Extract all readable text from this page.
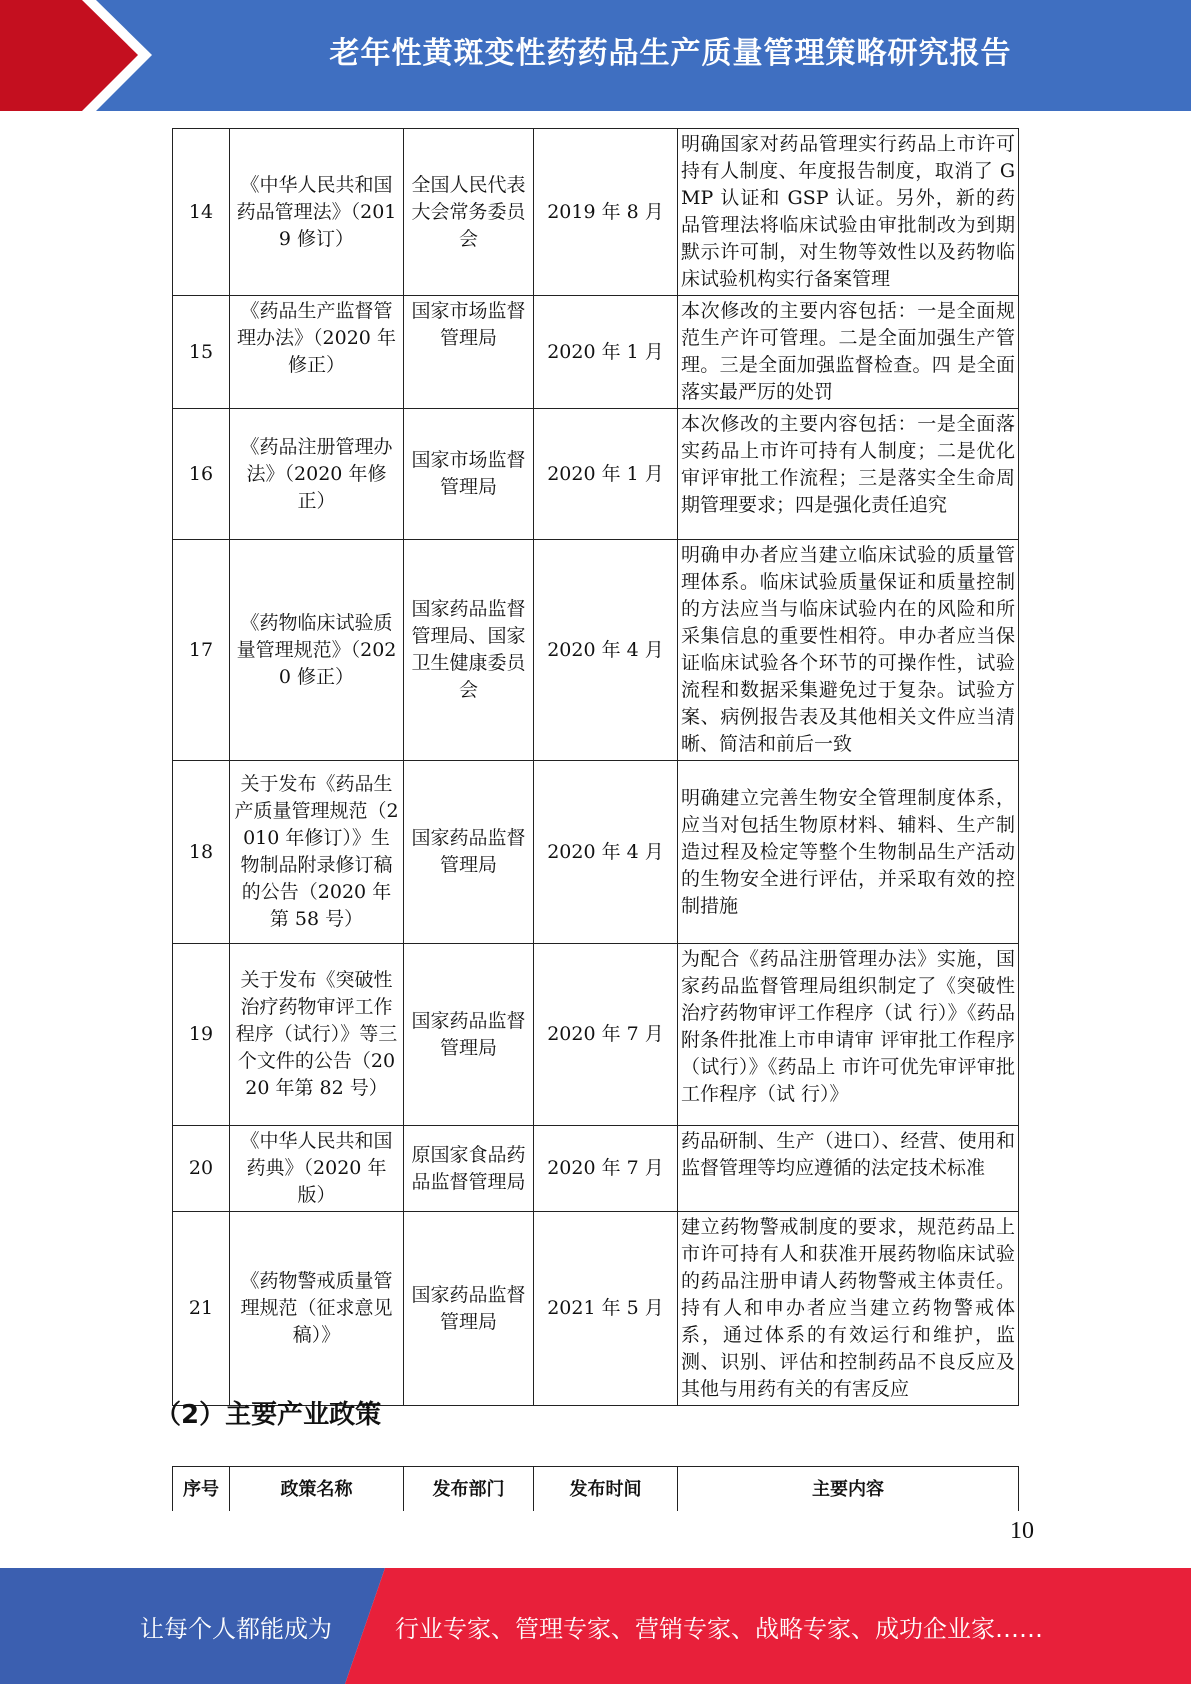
老年性黄斑变性药药品生产质量管理策略研究报告
14	《中华人民共和国药品管理法》（2019 修订）	全国人民代表大会常务委员会	2019 年 8 月	明确国家对药品管理实行药品上市许可持有人制度、年度报告制度，取消了 GMP 认证和 GSP 认证。另外，新的药品管理法将临床试验由审批制改为到期默示许可制，对生物等效性以及药物临床试验机构实行备案管理
15	《药品生产监督管理办法》（2020 年修正）	国家市场监督管理局	2020 年 1 月	本次修改的主要内容包括：一是全面规范生产许可管理。二是全面加强生产管理。三是全面加强监督检查。四 是全面落实最严厉的处罚
16	《药品注册管理办法》（2020 年修正）	国家市场监督管理局	2020 年 1 月	本次修改的主要内容包括：一是全面落实药品上市许可持有人制度；二是优化审评审批工作流程；三是落实全生命周期管理要求；四是强化责任追究
17	《药物临床试验质量管理规范》（2020 修正）	国家药品监督管理局、国家卫生健康委员会	2020 年 4 月	明确申办者应当建立临床试验的质量管理体系。临床试验质量保证和质量控制的方法应当与临床试验内在的风险和所采集信息的重要性相符。申办者应当保证临床试验各个环节的可操作性，试验流程和数据采集避免过于复杂。试验方案、病例报告表及其他相关文件应当清晰、简洁和前后一致
18	关于发布《药品生产质量管理规范（2010 年修订）》生物制品附录修订稿的公告（2020 年第 58 号）	国家药品监督管理局	2020 年 4 月	明确建立完善生物安全管理制度体系，应当对包括生物原材料、辅料、生产制造过程及检定等整个生物制品生产活动的生物安全进行评估，并采取有效的控制措施
19	关于发布《突破性治疗药物审评工作程序（试行）》等三个文件的公告（2020 年第 82 号）	国家药品监督管理局	2020 年 7 月	为配合《药品注册管理办法》实施，国家药品监督管理局组织制定了《突破性治疗药物审评工作程序（试 行）》《药品附条件批准上市申请审 评审批工作程序（试行）》《药品上 市许可优先审评审批工作程序（试 行）》
20	《中华人民共和国药典》（2020 年版）	原国家食品药品监督管理局	2020 年 7 月	药品研制、生产（进口）、经营、使用和监督管理等均应遵循的法定技术标准
21	《药物警戒质量管理规范（征求意见稿）》	国家药品监督管理局	2021 年 5 月	建立药物警戒制度的要求，规范药品上市许可持有人和获准开展药物临床试验的药品注册申请人药物警戒主体责任。持有人和申办者应当建立药物警戒体系，通过体系的有效运行和维护，监测、识别、评估和控制药品不良反应及其他与用药有关的有害反应
（2）主要产业政策
序号	政策名称	发布部门	发布时间	主要内容
10
让每个人都能成为	行业专家、管理专家、营销专家、战略专家、成功企业家……
